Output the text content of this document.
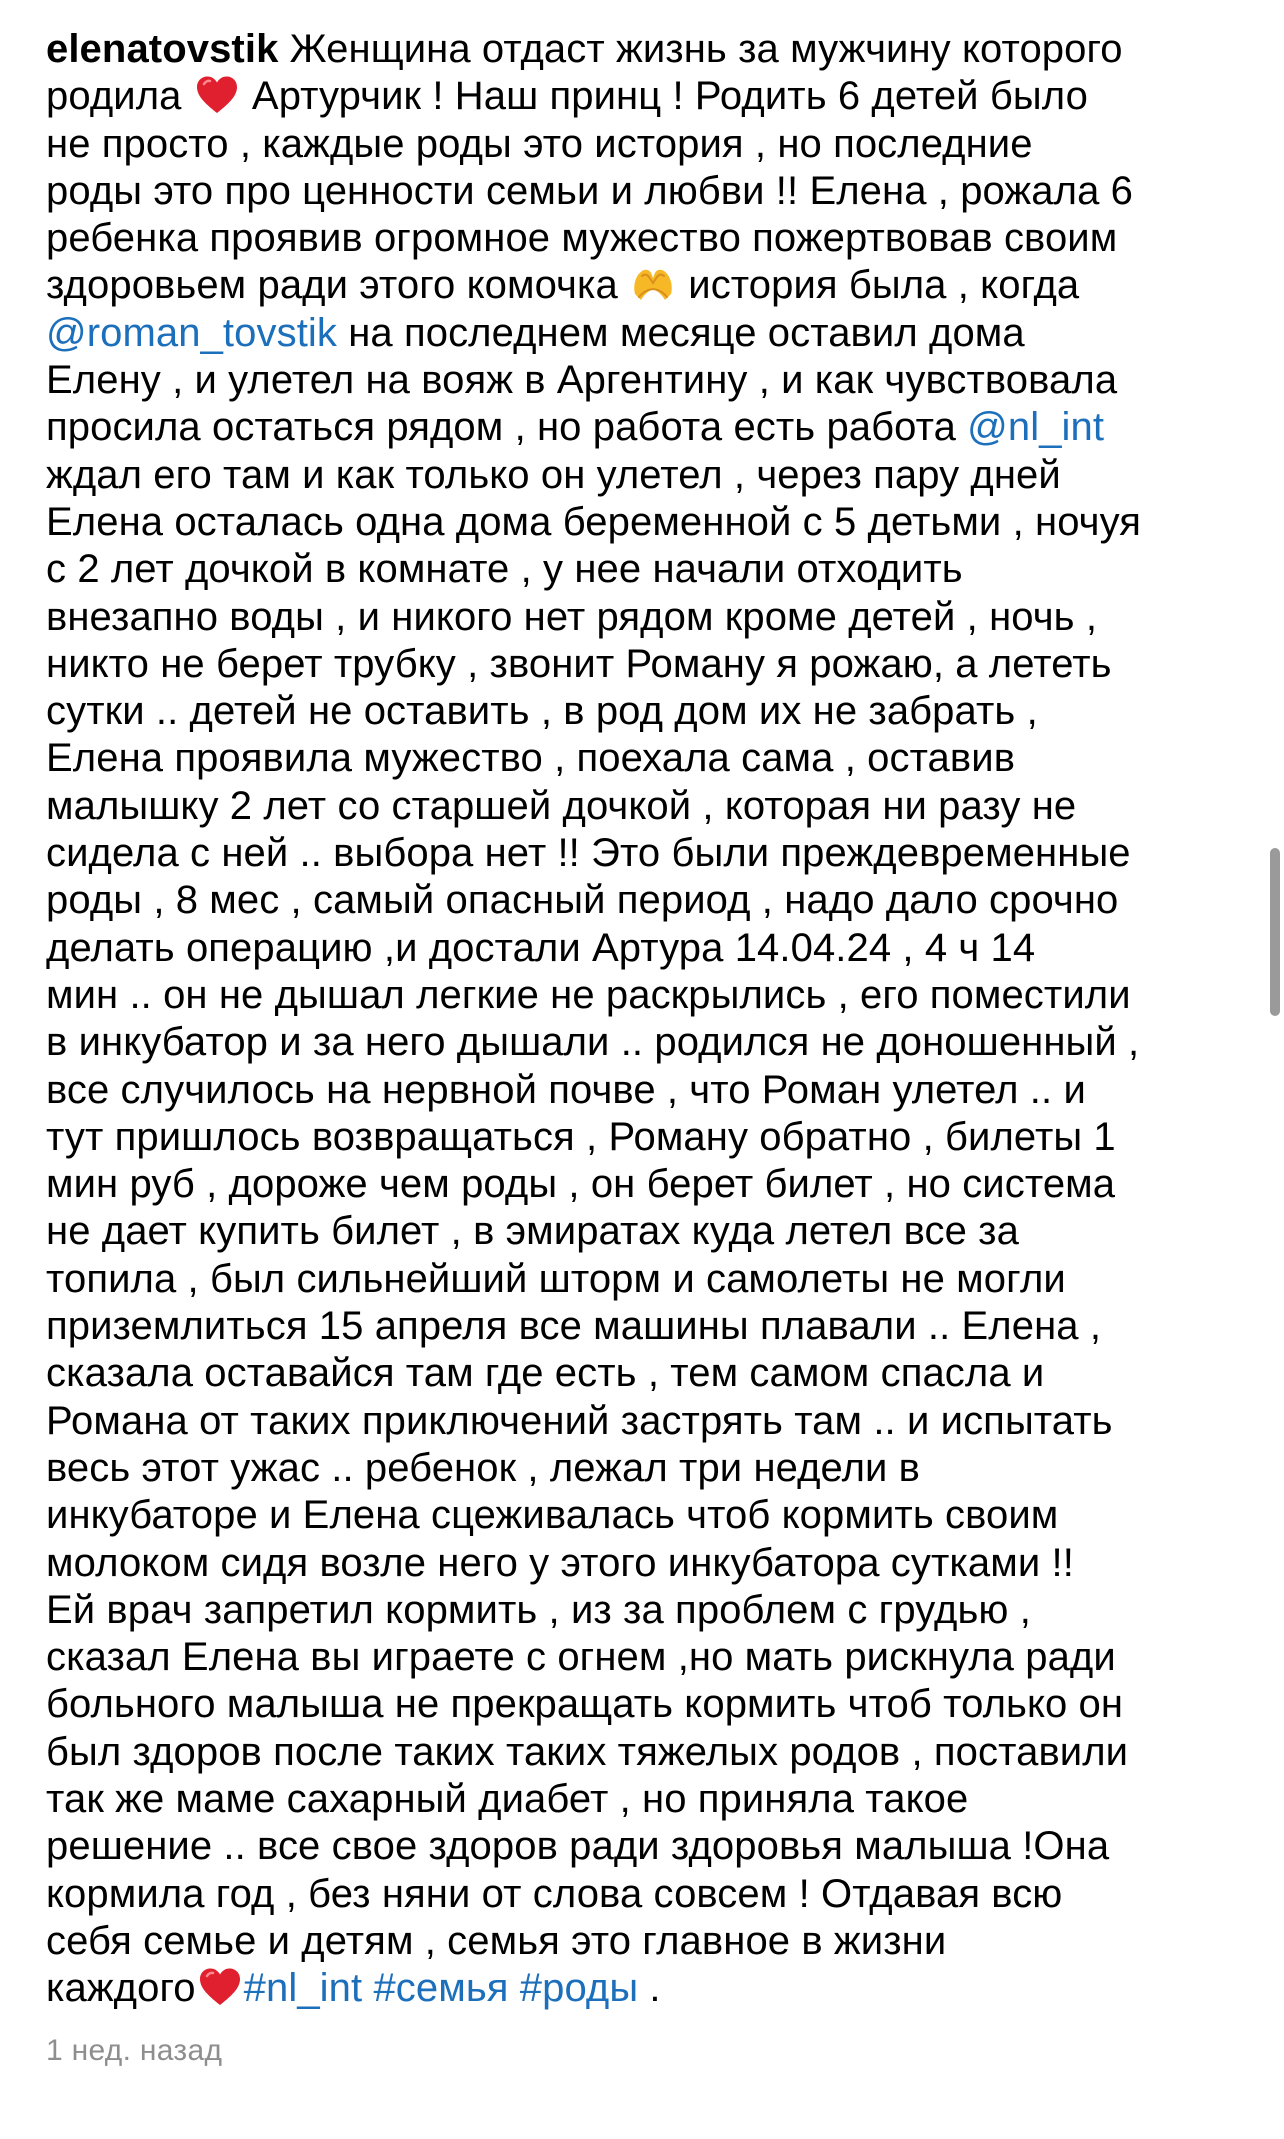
elenatovstik Женщина отдаст жизнь за мужчину которого
родила
Артурчик ! Наш принц ! Родить 6 детей было
не просто , каждые роды это история , но последние
роды это про ценности семьи и любви !! Елена , рожала 6
ребенка проявив огромное мужество пожертвовав своим
здоровьем ради этого комочка
история была , когда
@roman_tovstik на последнем месяце оставил дома
Елену , и улетел на вояж в Аргентину , и как чувствовала
просила остаться рядом , но работа есть работа @nl_int
ждал его там и как только он улетел , через пару дней
Елена осталась одна дома беременной с 5 детьми , ночуя
с 2 лет дочкой в комнате , у нее начали отходить
внезапно воды , и никого нет рядом кроме детей , ночь ,
никто не берет трубку , звонит Роману я рожаю, а лететь
сутки .. детей не оставить , в род дом их не забрать ,
Елена проявила мужество , поехала сама , оставив
малышку 2 лет со старшей дочкой , которая ни разу не
сидела с ней .. выбора нет !! Это были преждевременные
роды , 8 мес , самый опасный период , надо дало срочно
делать операцию ,и достали Артура 14.04.24 , 4 ч 14
мин .. он не дышал легкие не раскрылись , его поместили
в инкубатор и за него дышали .. родился не доношенный ,
все случилось на нервной почве , что Роман улетел .. и
тут пришлось возвращаться , Роману обратно , билеты 1
мин руб , дороже чем роды , он берет билет , но система
не дает купить билет , в эмиратах куда летел все за
топила , был сильнейший шторм и самолеты не могли
приземлиться 15 апреля все машины плавали .. Елена ,
сказала оставайся там где есть , тем самом спасла и
Романа от таких приключений застрять там .. и испытать
весь этот ужас .. ребенок , лежал три недели в
инкубаторе и Елена сцеживалась чтоб кормить своим
молоком сидя возле него у этого инкубатора сутками !!
Ей врач запретил кормить , из за проблем с грудью ,
сказал Елена вы играете с огнем ,но мать рискнула ради
больного малыша не прекращать кормить чтоб только он
был здоров после таких таких тяжелых родов , поставили
так же маме сахарный диабет , но приняла такое
решение .. все свое здоров ради здоровья малыша !Она
кормила год , без няни от слова совсем ! Отдавая всю
себя семье и детям , семья это главное в жизни
каждого #nl_int #семья #роды .
1 нед. назад
